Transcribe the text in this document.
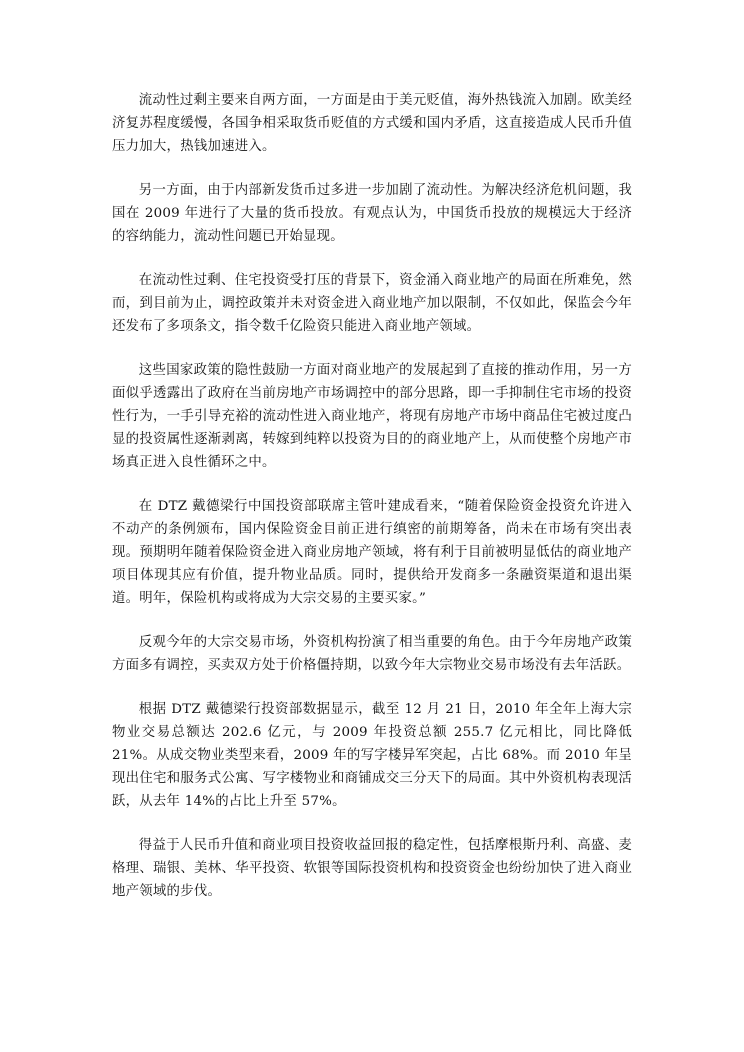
流动性过剩主要来自两方面，一方面是由于美元贬值，海外热钱流入加剧。欧美经济复苏程度缓慢，各国争相采取货币贬值的方式缓和国内矛盾，这直接造成人民币升值压力加大，热钱加速进入。

另一方面，由于内部新发货币过多进一步加剧了流动性。为解决经济危机问题，我国在 2009 年进行了大量的货币投放。有观点认为，中国货币投放的规模远大于经济的容纳能力，流动性问题已开始显现。

在流动性过剩、住宅投资受打压的背景下，资金涌入商业地产的局面在所难免，然而，到目前为止，调控政策并未对资金进入商业地产加以限制，不仅如此，保监会今年还发布了多项条文，指令数千亿险资只能进入商业地产领域。

这些国家政策的隐性鼓励一方面对商业地产的发展起到了直接的推动作用，另一方面似乎透露出了政府在当前房地产市场调控中的部分思路，即一手抑制住宅市场的投资性行为，一手引导充裕的流动性进入商业地产，将现有房地产市场中商品住宅被过度凸显的投资属性逐渐剥离，转嫁到纯粹以投资为目的的商业地产上，从而使整个房地产市场真正进入良性循环之中。

在 DTZ 戴德梁行中国投资部联席主管叶建成看来，“随着保险资金投资允许进入不动产的条例颁布，国内保险资金目前正进行缜密的前期筹备，尚未在市场有突出表现。预期明年随着保险资金进入商业房地产领域，将有利于目前被明显低估的商业地产项目体现其应有价值，提升物业品质。同时，提供给开发商多一条融资渠道和退出渠道。明年，保险机构或将成为大宗交易的主要买家。”

反观今年的大宗交易市场，外资机构扮演了相当重要的角色。由于今年房地产政策方面多有调控，买卖双方处于价格僵持期，以致今年大宗物业交易市场没有去年活跃。

根据 DTZ 戴德梁行投资部数据显示，截至 12 月 21 日，2010 年全年上海大宗物业交易总额达 202.6 亿元，与 2009 年投资总额 255.7 亿元相比，同比降低 21%。从成交物业类型来看，2009 年的写字楼异军突起，占比 68%。而 2010 年呈现出住宅和服务式公寓、写字楼物业和商铺成交三分天下的局面。其中外资机构表现活跃，从去年 14%的占比上升至 57%。

得益于人民币升值和商业项目投资收益回报的稳定性，包括摩根斯丹利、高盛、麦格理、瑞银、美林、华平投资、软银等国际投资机构和投资资金也纷纷加快了进入商业地产领域的步伐。
